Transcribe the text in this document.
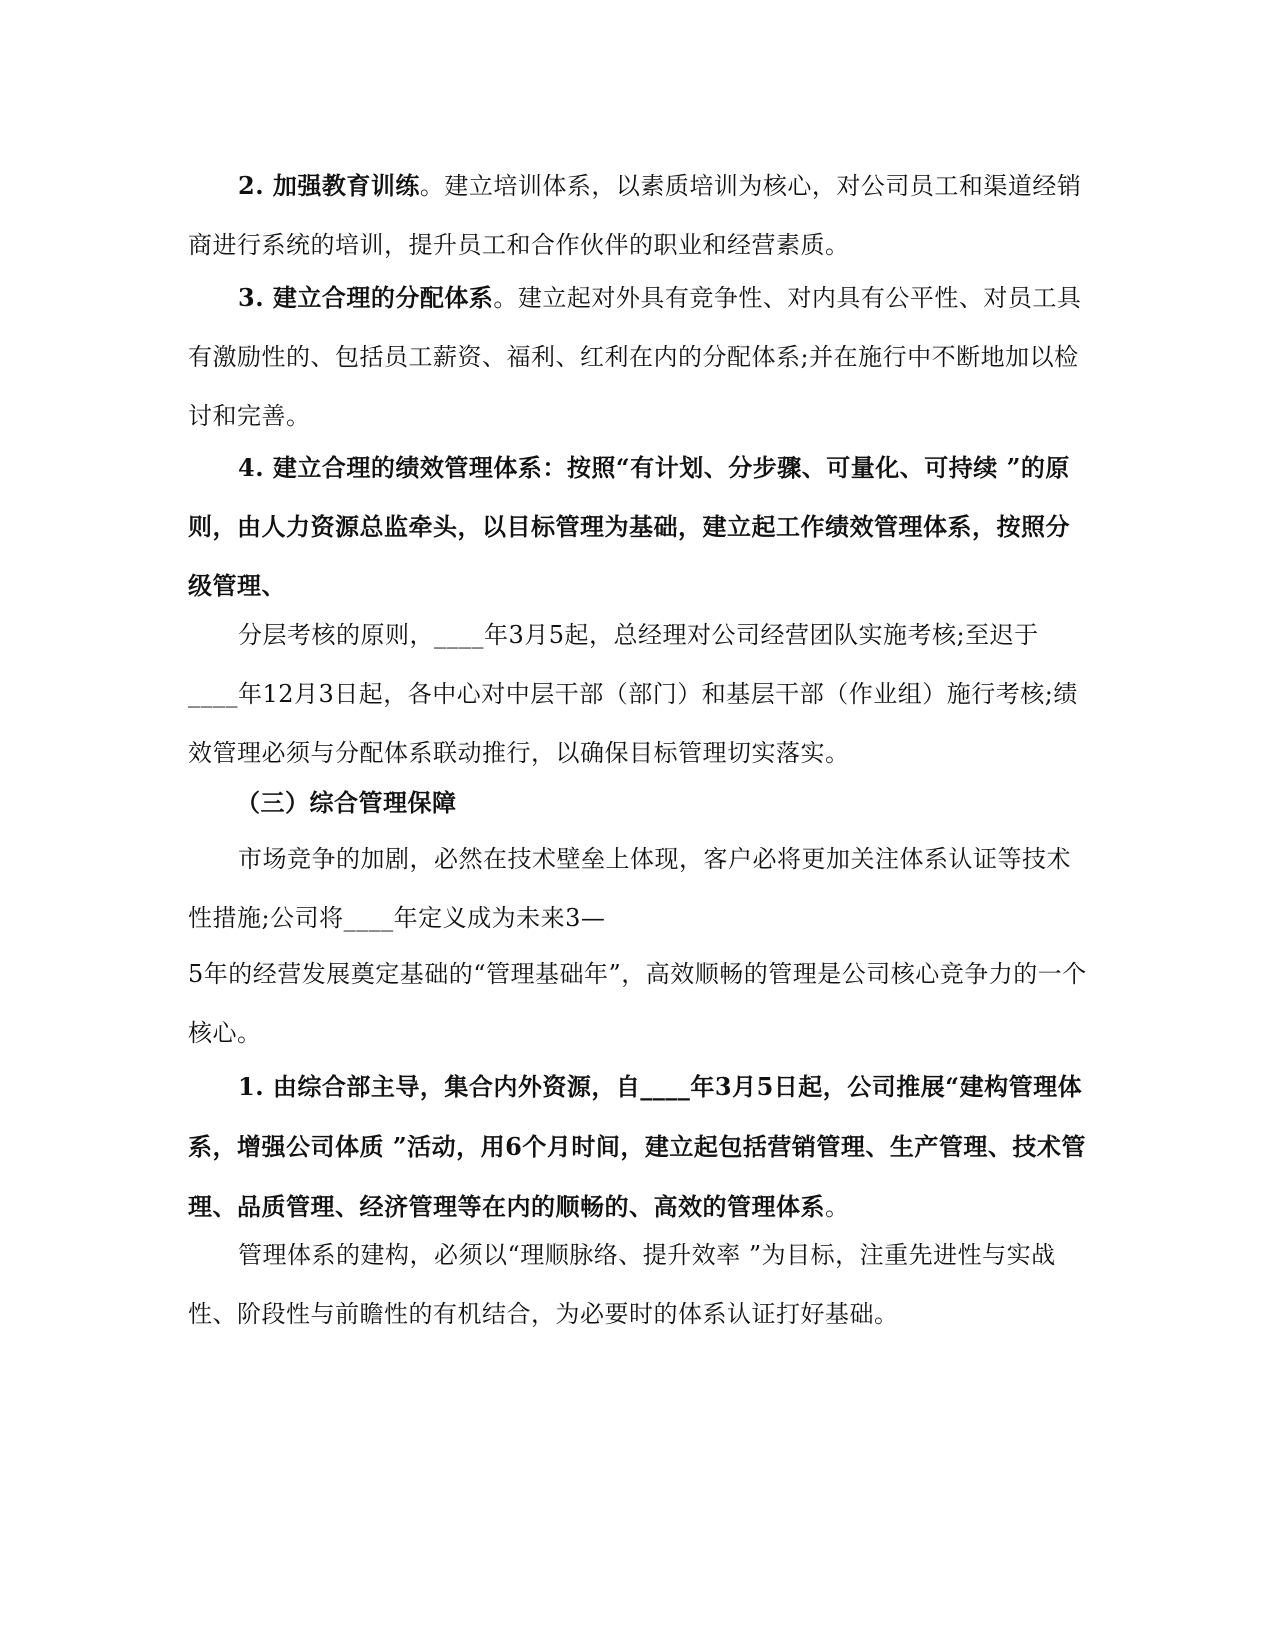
2. 加强教育训练。建立培训体系，以素质培训为核心，对公司员工和渠道经销商进行系统的培训，提升员工和合作伙伴的职业和经营素质。

3. 建立合理的分配体系。建立起对外具有竞争性、对内具有公平性、对员工具有激励性的、包括员工薪资、福利、红利在内的分配体系;并在施行中不断地加以检讨和完善。

4. 建立合理的绩效管理体系：按照“有计划、分步骤、可量化、可持续 ”的原则，由人力资源总监牵头，以目标管理为基础，建立起工作绩效管理体系，按照分级管理、

分层考核的原则，____年3月5起，总经理对公司经营团队实施考核;至迟于____年12月3日起，各中心对中层干部（部门）和基层干部（作业组）施行考核;绩效管理必须与分配体系联动推行，以确保目标管理切实落实。

（三）综合管理保障

市场竞争的加剧，必然在技术壁垒上体现，客户必将更加关注体系认证等技术性措施;公司将____年定义成为未来3—

5年的经营发展奠定基础的“管理基础年”，高效顺畅的管理是公司核心竞争力的一个核心。

1. 由综合部主导，集合内外资源，自____年3月5日起，公司推展“建构管理体系，增强公司体质 ”活动，用6个月时间，建立起包括营销管理、生产管理、技术管理、品质管理、经济管理等在内的顺畅的、高效的管理体系。

管理体系的建构，必须以“理顺脉络、提升效率 ”为目标，注重先进性与实战性、阶段性与前瞻性的有机结合，为必要时的体系认证打好基础。
